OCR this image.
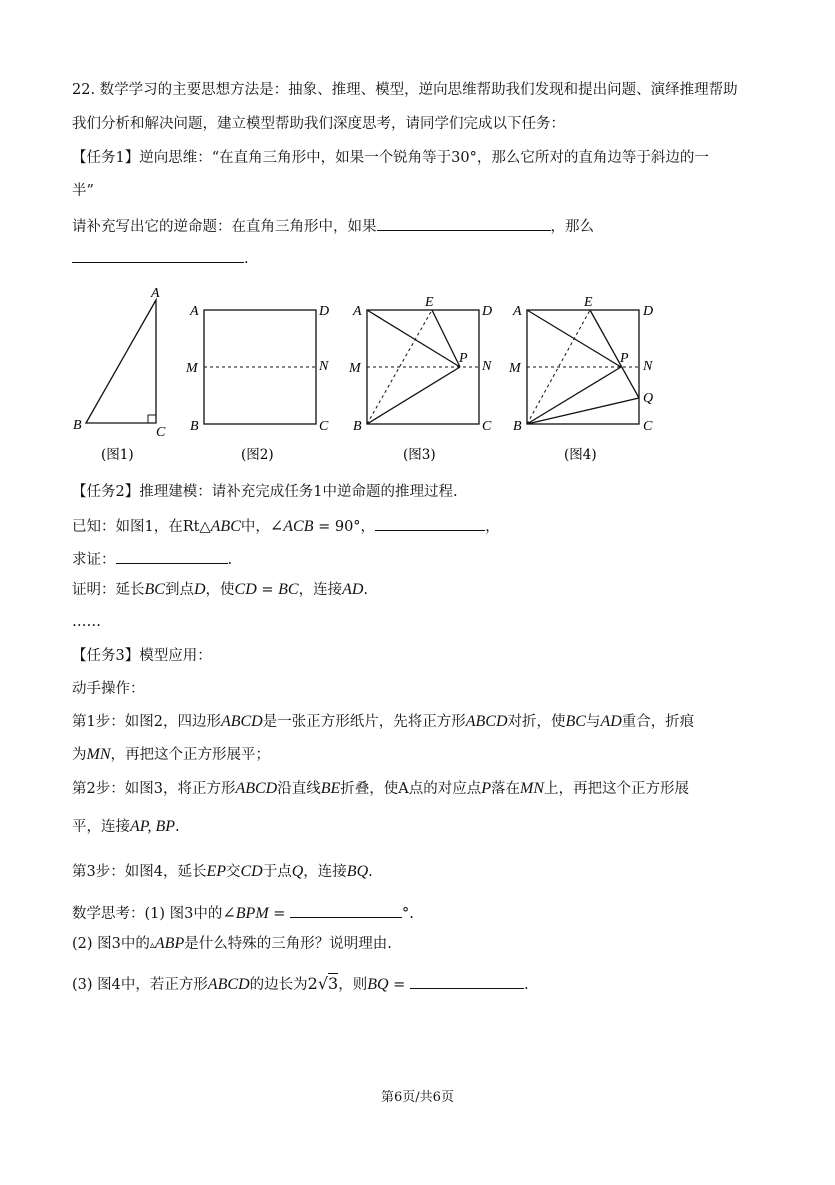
22. 数学学习的主要思想方法是：抽象、推理、模型，逆向思维帮助我们发现和提出问题、演绎推理帮助
我们分析和解决问题，建立模型帮助我们深度思考，请同学们完成以下任务：
【任务1】逆向思维：“在直角三角形中，如果一个锐角等于30°，那么它所对的直角边等于斜边的一
半”
请补充写出它的逆命题：在直角三角形中，如果	，那么
.
A
B	C
(图1)
A	D
M	N
B	C
(图2)
A
E
D
M
P
N
B	C
(图3)
A
E
D
M
P
N
Q
B	C
(图4)
【任务2】推理建模：请补充完成任务1中逆命题的推理过程.
已知：如图1，在Rt△ABC中，∠ACB = 90°，	，
求证：	.
证明：延长BC到点D，使CD = BC，连接AD.
……
【任务3】模型应用：
动手操作：
第1步：如图2，四边形ABCD是一张正方形纸片，先将正方形ABCD对折，使BC与AD重合，折痕
为MN，再把这个正方形展平；
第2步：如图3，将正方形ABCD沿直线BE折叠，使A点的对应点P落在MN上，再把这个正方形展
平，连接AP, BP.
第3步：如图4，延长EP交CD于点Q，连接BQ.
数学思考：(1) 图3中的∠BPM =	°.
(2) 图3中的▵ABP是什么特殊的三角形？说明理由.
(3) 图4中，若正方形ABCD的边长为2√3，则BQ =	.
第6页/共6页
